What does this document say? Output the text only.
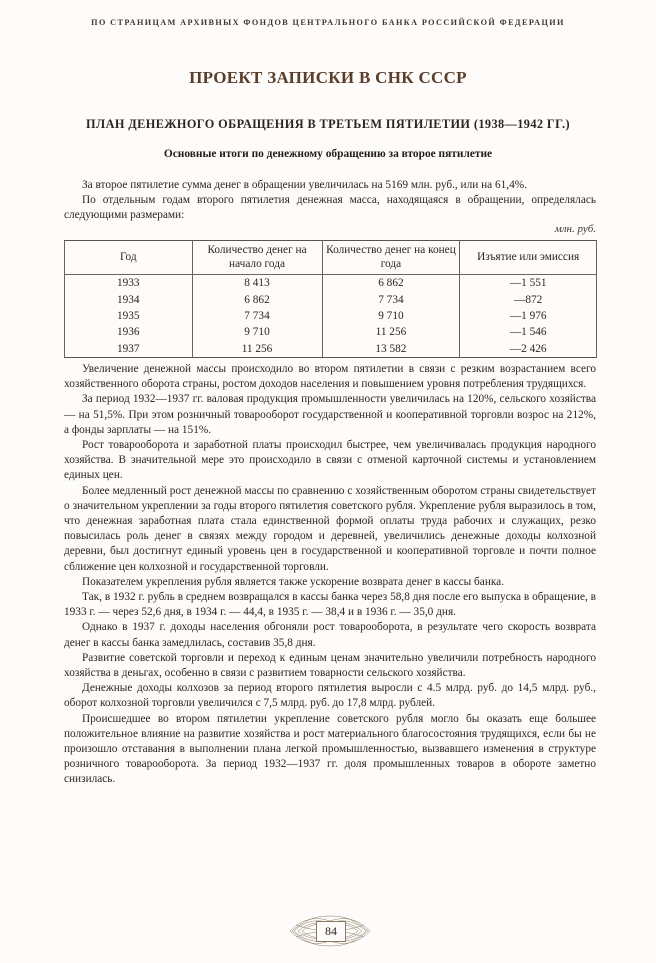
ПО СТРАНИЦАМ АРХИВНЫХ ФОНДОВ ЦЕНТРАЛЬНОГО БАНКА РОССИЙСКОЙ ФЕДЕРАЦИИ
ПРОЕКТ ЗАПИСКИ В СНК СССР
ПЛАН ДЕНЕЖНОГО ОБРАЩЕНИЯ В ТРЕТЬЕМ ПЯТИЛЕТИИ (1938—1942 ГГ.)
Основные итоги по денежному обращению за второе пятилетие

За второе пятилетие сумма денег в обращении увеличилась на 5169 млн. руб., или на 61,4%.

По отдельным годам второго пятилетия денежная масса, находящаяся в обращении, определялась следующими размерами:

млн. руб.
Год	Количество денег на начало года	Количество денег на конец года	Изъятие или эмиссия
1933	8 413	6 862	—1 551
1934	6 862	7 734	—872
1935	7 734	9 710	—1 976
1936	9 710	11 256	—1 546
1937	11 256	13 582	—2 426

Увеличение денежной массы происходило во втором пятилетии в связи с резким возрастанием всего хозяйственного оборота страны, ростом доходов населения и повышением уровня потребления трудящихся.

За период 1932—1937 гг. валовая продукция промышленности увеличилась на 120%, сельского хозяйства — на 51,5%. При этом розничный товарооборот государственной и кооперативной торговли возрос на 212%, а фонды зарплаты — на 151%.

Рост товарооборота и заработной платы происходил быстрее, чем увеличивалась продукция народного хозяйства. В значительной мере это происходило в связи с отменой карточной системы и установлением единых цен.

Более медленный рост денежной массы по сравнению с хозяйственным оборотом страны свидетельствует о значительном укреплении за годы второго пятилетия советского рубля. Укрепление рубля выразилось в том, что денежная заработная плата стала единственной формой оплаты труда рабочих и служащих, резко повысилась роль денег в связях между городом и деревней, увеличились денежные доходы колхозной деревни, был достигнут единый уровень цен в государственной и кооперативной торговле и почти полное сближение цен колхозной и государственной торговли.

Показателем укрепления рубля является также ускорение возврата денег в кассы банка.

Так, в 1932 г. рубль в среднем возвращался в кассы банка через 58,8 дня после его выпуска в обращение, в 1933 г. — через 52,6 дня, в 1934 г. — 44,4, в 1935 г. — 38,4 и в 1936 г. — 35,0 дня.

Однако в 1937 г. доходы населения обгоняли рост товарооборота, в результате чего скорость возврата денег в кассы банка замедлилась, составив 35,8 дня.

Развитие советской торговли и переход к единым ценам значительно увеличили потребность народного хозяйства в деньгах, особенно в связи с развитием товарности сельского хозяйства.

Денежные доходы колхозов за период второго пятилетия выросли с 4.5 млрд. руб. до 14,5 млрд. руб., оборот колхозной торговли увеличился с 7,5 млрд. руб. до 17,8 млрд. рублей.

Происшедшее во втором пятилетии укрепление советского рубля могло бы оказать еще большее положительное влияние на развитие хозяйства и рост материального благосостояния трудящихся, если бы не произошло отставания в выполнении плана легкой промышленностью, вызвавшего изменения в структуре розничного товарооборота. За период 1932—1937 гг. доля промышленных товаров в обороте заметно снизилась.

84
